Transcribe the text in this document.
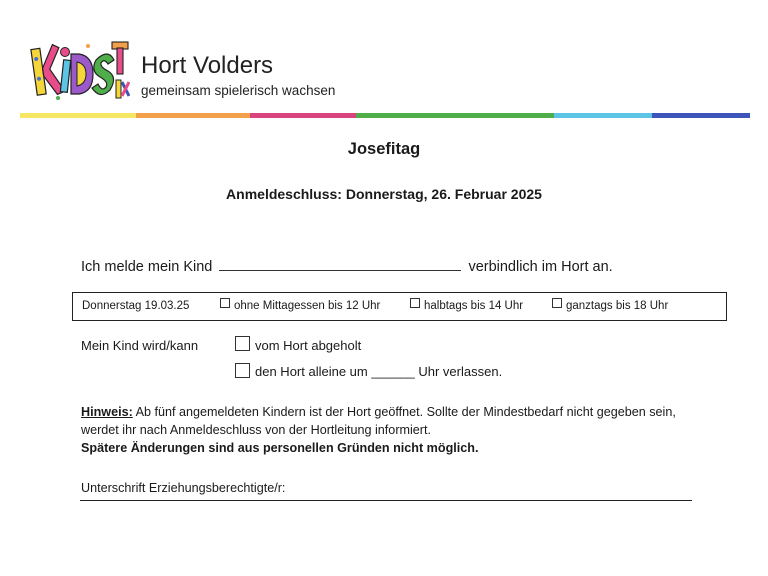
Hort Volders
gemeinsam spielerisch wachsen
Josefitag
Anmeldeschluss: Donnerstag, 26. Februar 2025
Ich melde mein Kind	verbindlich im Hort an.
Donnerstag 19.03.25	ohne Mittagessen bis 12 Uhr	halbtags bis 14 Uhr	ganztags bis 18 Uhr
Mein Kind wird/kann	vom Hort abgeholt
den Hort alleine um ______ Uhr verlassen.
Hinweis: Ab fünf angemeldeten Kindern ist der Hort geöffnet. Sollte der Mindestbedarf nicht gegeben sein, werdet ihr nach Anmeldeschluss von der Hortleitung informiert.
Spätere Änderungen sind aus personellen Gründen nicht möglich.
Unterschrift Erziehungsberechtigte/r:
